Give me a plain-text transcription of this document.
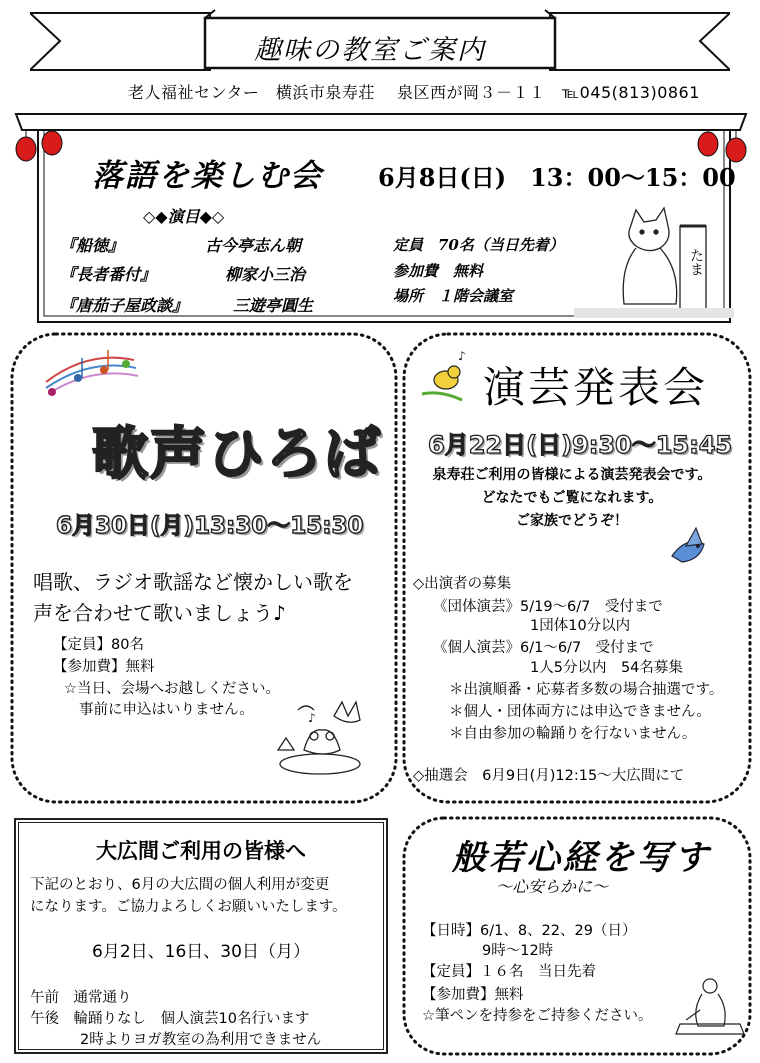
趣味の教室ご案内
老人福祉センター　横浜市泉寿荘　 泉区西が岡３－１１　℡045(813)0861
たま
落語を楽しむ会 6月8日(日)　13：00～15：00
◇◆演目◆◇
『船徳』	古今亭志ん朝
『長者番付』	柳家小三治
『唐茄子屋政談』	三遊亭圓生
定員　70名（当日先着）
参加費　無料
場所　１階会議室
♪
歌声ひろば
6月30日(月)13:30～15:30
唱歌、ラジオ歌謡など懐かしい歌を
声を合わせて歌いましょう♪
【定員】80名
【参加費】無料
☆当日、会場へお越しください。
事前に申込はいりません。
♪
演芸発表会
6月22日(日)9:30～15:45
泉寿荘ご利用の皆様による演芸発表会です。
どなたでもご覧になれます。
ご家族でどうぞ！
◇出演者の募集
《団体演芸》5/19～6/7　受付まで
1団体10分以内
《個人演芸》6/1～6/7　受付まで
1人5分以内　54名募集
＊出演順番・応募者多数の場合抽選です。
＊個人・団体両方には申込できません。
＊自由参加の輪踊りを行ないません。
◇抽選会　6月9日(月)12:15～大広間にて
大広間ご利用の皆様へ
下記のとおり、6月の大広間の個人利用が変更
になります。ご協力よろしくお願いいたします。
6月2日、16日、30日（月）
午前　通常通り
午後　輪踊りなし　個人演芸10名行います
2時よりヨガ教室の為利用できません
般若心経を写す
～心安らかに～
【日時】6/1、8、22、29（日）
9時～12時
【定員】１６名　当日先着
【参加費】無料
☆筆ペンを持参をご持参ください。
